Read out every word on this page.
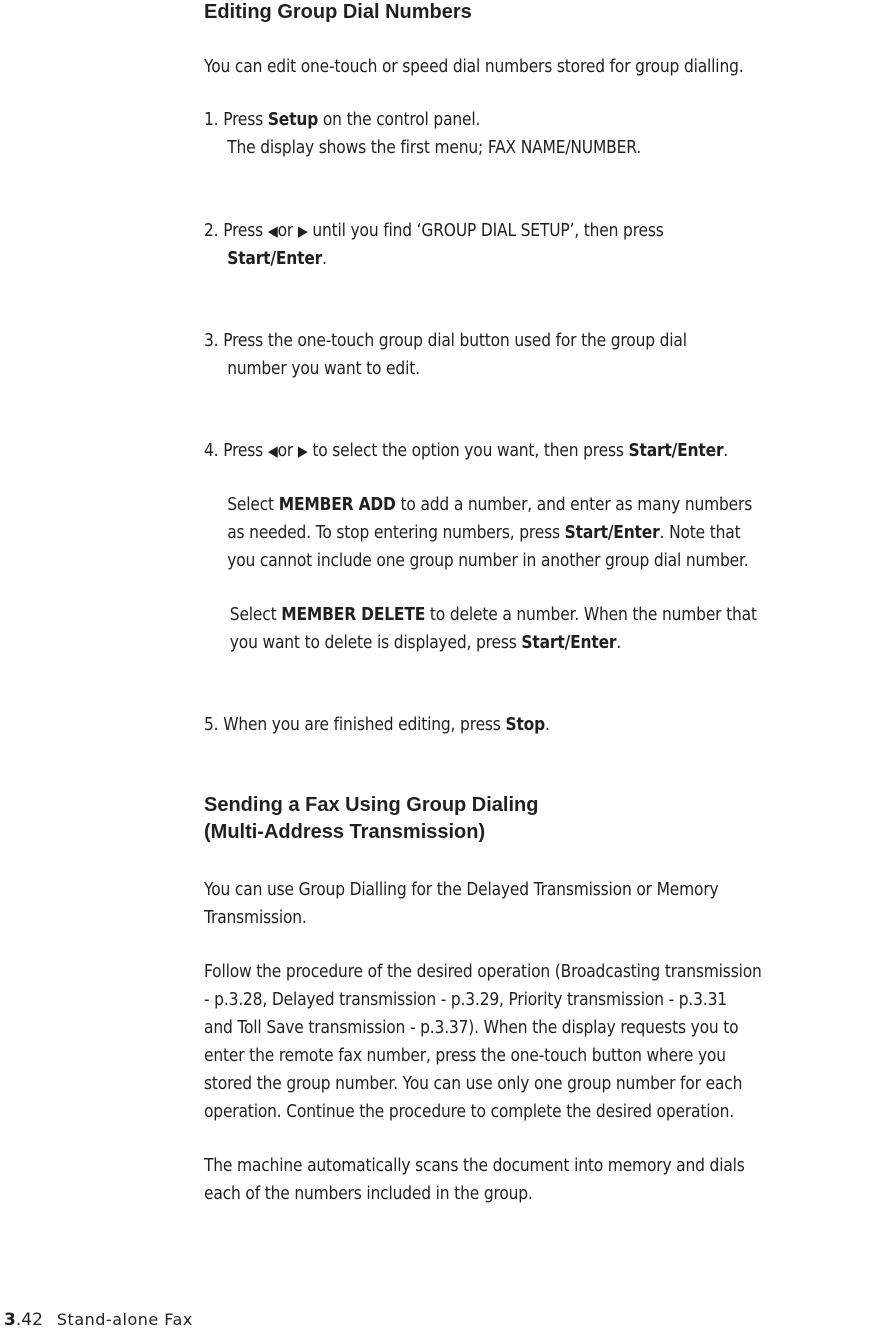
Editing Group Dial Numbers

You can edit one-touch or speed dial numbers stored for group dialling.

1. Press Setup on the control panel.
The display shows the first menu; FAX NAME/NUMBER.

2. Press ◀or ▶ until you find ‘GROUP DIAL SETUP’, then press
Start/Enter.

3. Press the one-touch group dial button used for the group dial
number you want to edit.

4. Press ◀or ▶ to select the option you want, then press Start/Enter.

Select MEMBER ADD to add a number, and enter as many numbers
as needed. To stop entering numbers, press Start/Enter. Note that
you cannot include one group number in another group dial number.

Select MEMBER DELETE to delete a number. When the number that
you want to delete is displayed, press Start/Enter.

5. When you are finished editing, press Stop.

Sending a Fax Using Group Dialing
(Multi-Address Transmission)

You can use Group Dialling for the Delayed Transmission or Memory
Transmission.

Follow the procedure of the desired operation (Broadcasting transmission
- p.3.28, Delayed transmission - p.3.29, Priority transmission - p.3.31
and Toll Save transmission - p.3.37). When the display requests you to
enter the remote fax number, press the one-touch button where you
stored the group number. You can use only one group number for each
operation. Continue the procedure to complete the desired operation.

The machine automatically scans the document into memory and dials
each of the numbers included in the group.

3.42 Stand-alone Fax
